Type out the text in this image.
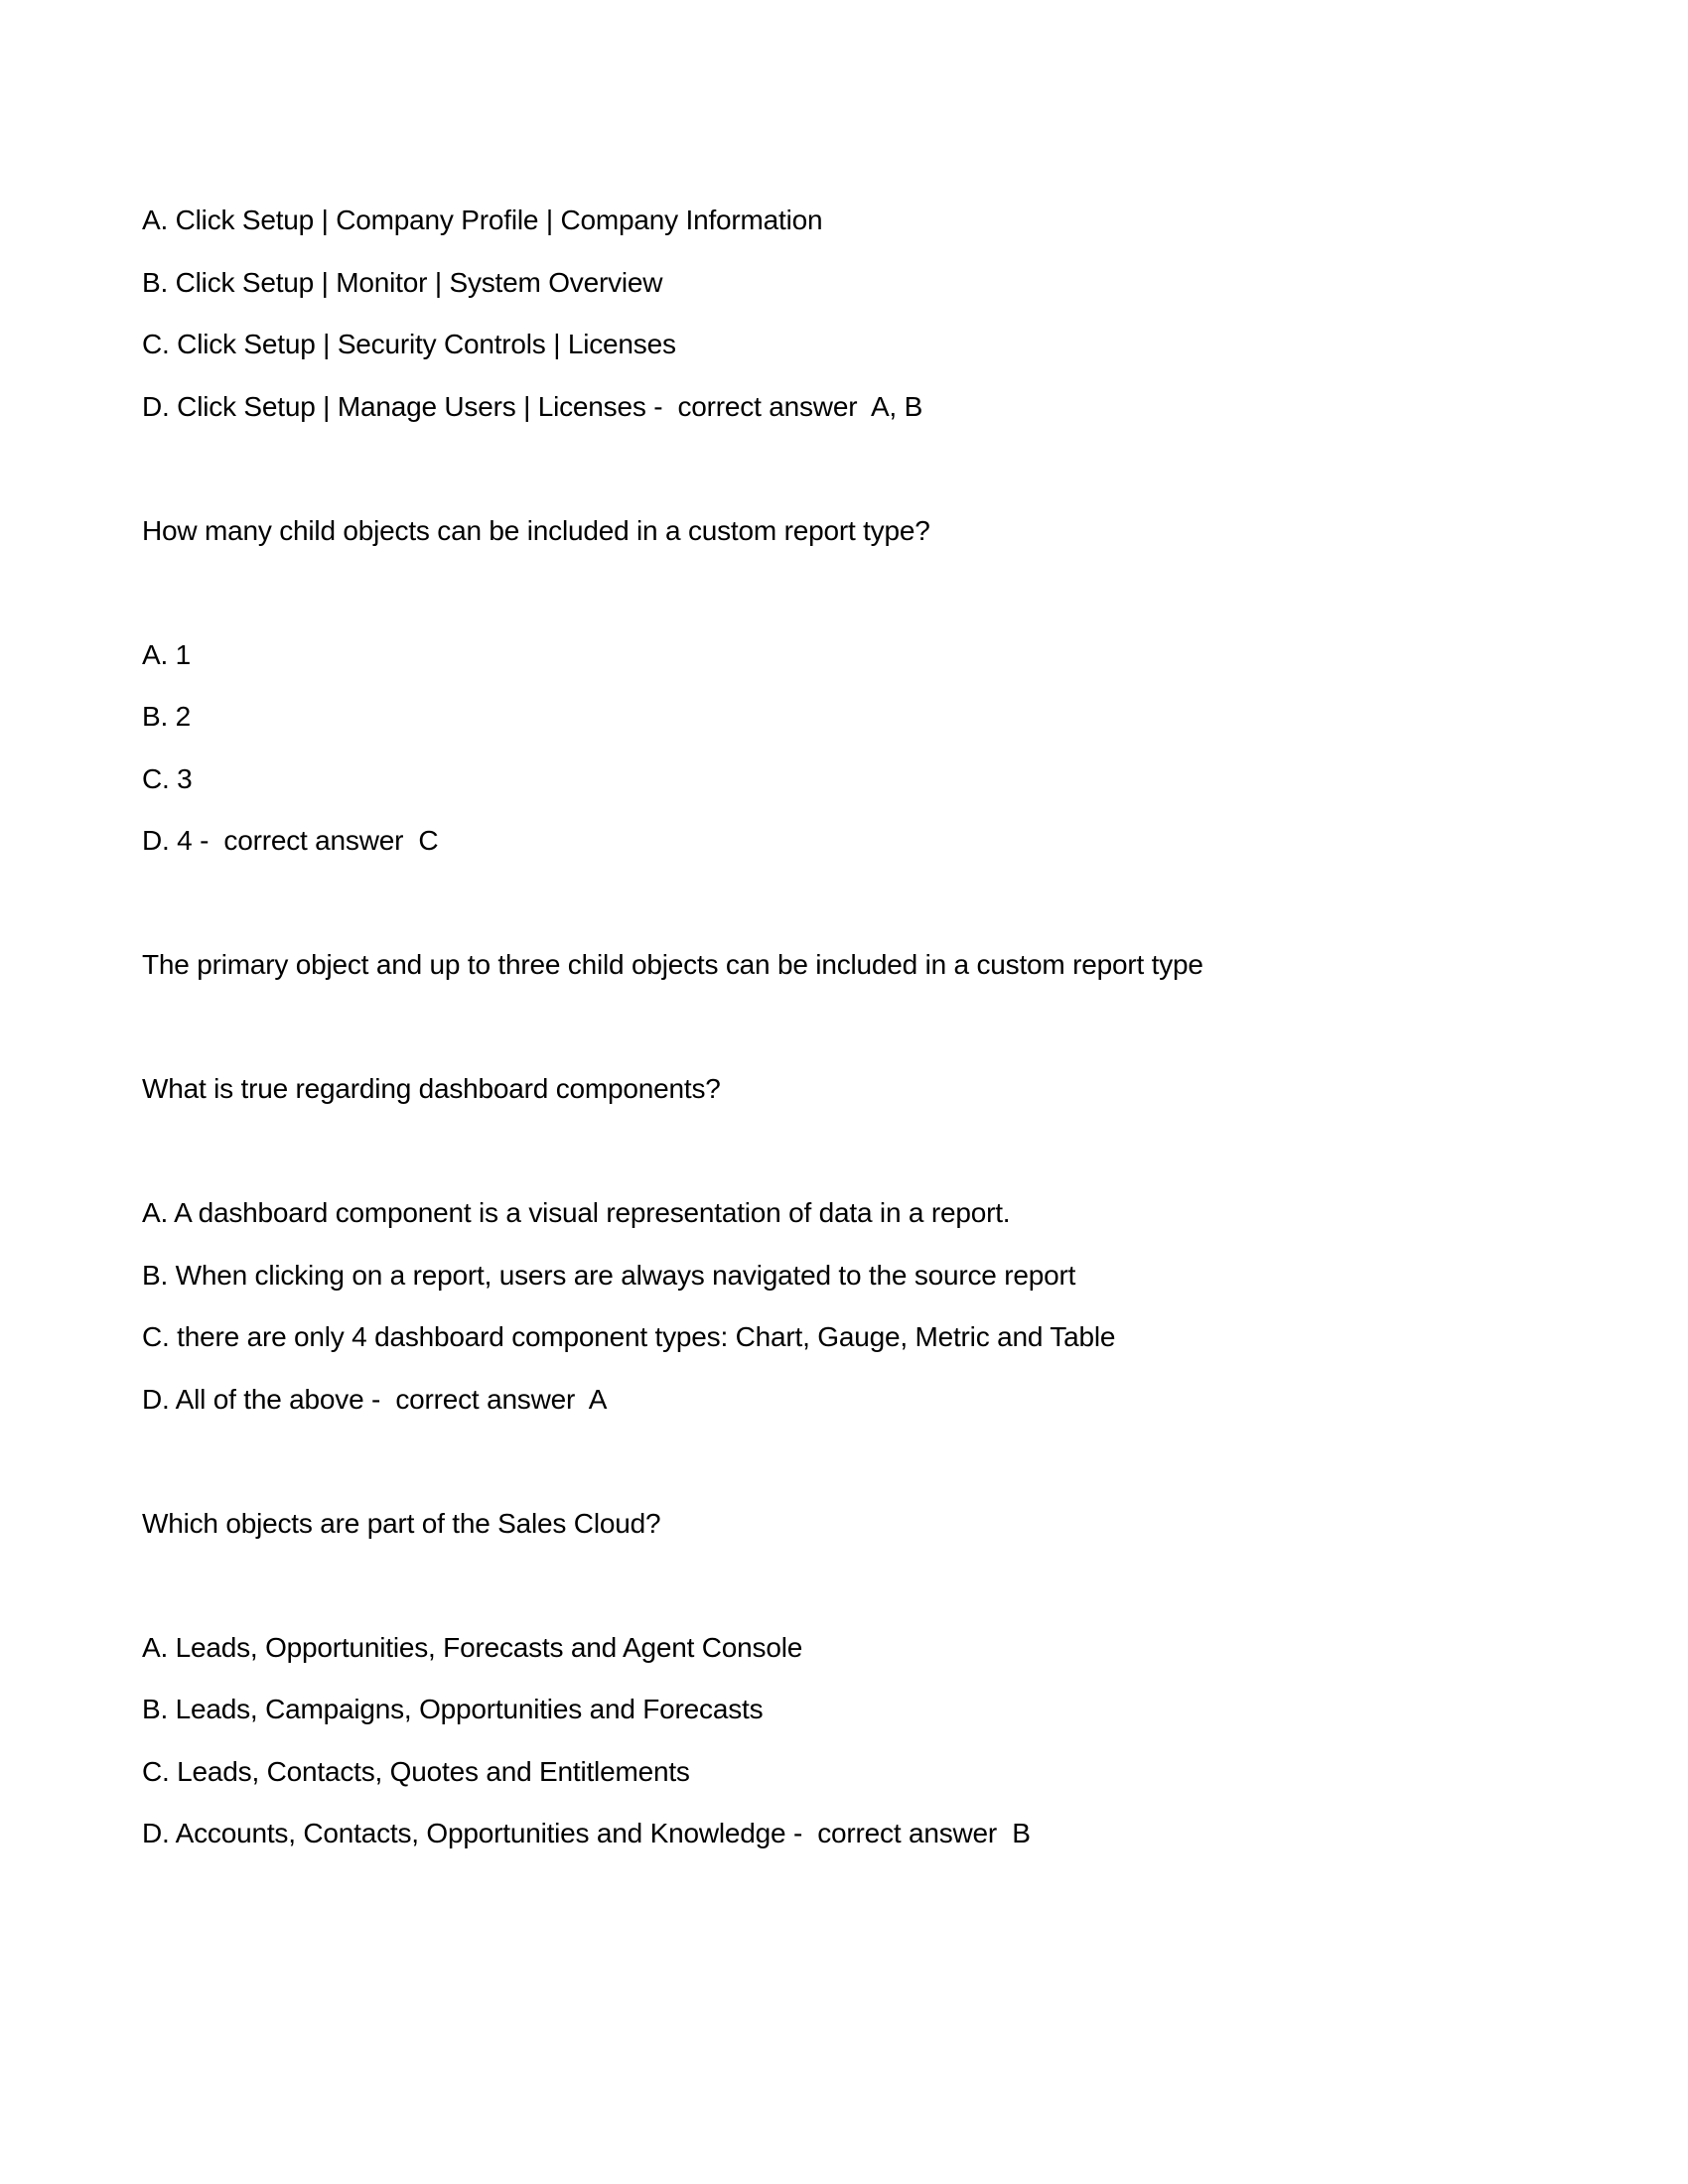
A. Click Setup | Company Profile | Company Information

B. Click Setup | Monitor | System Overview

C. Click Setup | Security Controls | Licenses

D. Click Setup | Manage Users | Licenses -  correct answer  A, B

How many child objects can be included in a custom report type?

A. 1

B. 2

C. 3

D. 4 -  correct answer  C

The primary object and up to three child objects can be included in a custom report type

What is true regarding dashboard components?

A. A dashboard component is a visual representation of data in a report.

B. When clicking on a report, users are always navigated to the source report

C. there are only 4 dashboard component types: Chart, Gauge, Metric and Table

D. All of the above -  correct answer  A

Which objects are part of the Sales Cloud?

A. Leads, Opportunities, Forecasts and Agent Console

B. Leads, Campaigns, Opportunities and Forecasts

C. Leads, Contacts, Quotes and Entitlements

D. Accounts, Contacts, Opportunities and Knowledge -  correct answer  B
